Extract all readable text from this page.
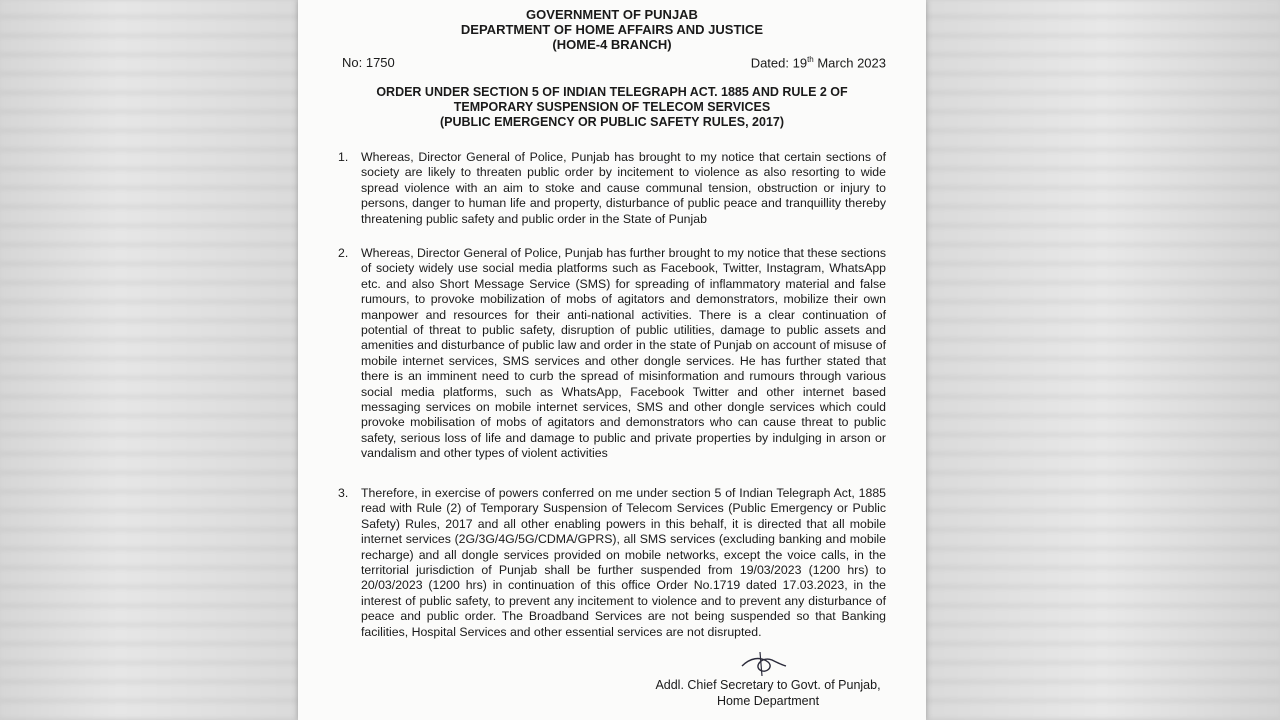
GOVERNMENT OF PUNJAB
DEPARTMENT OF HOME AFFAIRS AND JUSTICE
(HOME-4 BRANCH)
No: 1750	Dated: 19th March 2023
ORDER UNDER SECTION 5 OF INDIAN TELEGRAPH ACT. 1885 AND RULE 2 OF
TEMPORARY SUSPENSION OF TELECOM SERVICES
(PUBLIC EMERGENCY OR PUBLIC SAFETY RULES, 2017)
1. Whereas, Director General of Police, Punjab has brought to my notice that certain sections of society are likely to threaten public order by incitement to violence as also resorting to wide spread violence with an aim to stoke and cause communal tension, obstruction or injury to persons, danger to human life and property, disturbance of public peace and tranquillity thereby threatening public safety and public order in the State of Punjab
2. Whereas, Director General of Police, Punjab has further brought to my notice that these sections of society widely use social media platforms such as Facebook, Twitter, Instagram, WhatsApp etc. and also Short Message Service (SMS) for spreading of inflammatory material and false rumours, to provoke mobilization of mobs of agitators and demonstrators, mobilize their own manpower and resources for their anti-national activities. There is a clear continuation of potential of threat to public safety, disruption of public utilities, damage to public assets and amenities and disturbance of public law and order in the state of Punjab on account of misuse of mobile internet services, SMS services and other dongle services. He has further stated that there is an imminent need to curb the spread of misinformation and rumours through various social media platforms, such as WhatsApp, Facebook Twitter and other internet based messaging services on mobile internet services, SMS and other dongle services which could provoke mobilisation of mobs of agitators and demonstrators who can cause threat to public safety, serious loss of life and damage to public and private properties by indulging in arson or vandalism and other types of violent activities
3. Therefore, in exercise of powers conferred on me under section 5 of Indian Telegraph Act, 1885 read with Rule (2) of Temporary Suspension of Telecom Services (Public Emergency or Public Safety) Rules, 2017 and all other enabling powers in this behalf, it is directed that all mobile internet services (2G/3G/4G/5G/CDMA/GPRS), all SMS services (excluding banking and mobile recharge) and all dongle services provided on mobile networks, except the voice calls, in the territorial jurisdiction of Punjab shall be further suspended from 19/03/2023 (1200 hrs) to 20/03/2023 (1200 hrs) in continuation of this office Order No.1719 dated 17.03.2023, in the interest of public safety, to prevent any incitement to violence and to prevent any disturbance of peace and public order. The Broadband Services are not being suspended so that Banking facilities, Hospital Services and other essential services are not disrupted.
Addl. Chief Secretary to Govt. of Punjab,
Home Department
